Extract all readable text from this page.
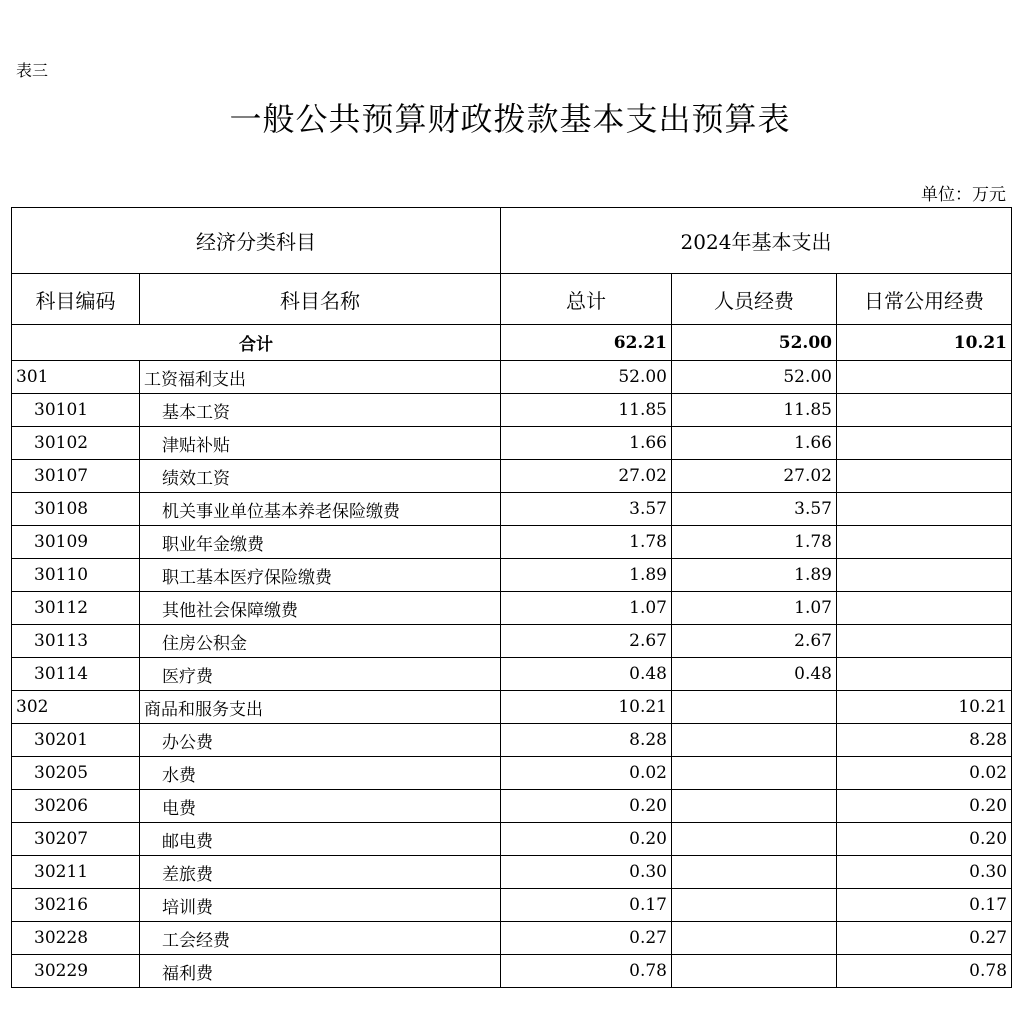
表三
一般公共预算财政拨款基本支出预算表
单位：万元
经济分类科目		2024年基本支出		
科目编码	科目名称	总计	人员经费	日常公用经费
合计		62.21	52.00	10.21
301	工资福利支出	52.00	52.00	
30101	基本工资	11.85	11.85	
30102	津贴补贴	1.66	1.66	
30107	绩效工资	27.02	27.02	
30108	机关事业单位基本养老保险缴费	3.57	3.57	
30109	职业年金缴费	1.78	1.78	
30110	职工基本医疗保险缴费	1.89	1.89	
30112	其他社会保障缴费	1.07	1.07	
30113	住房公积金	2.67	2.67	
30114	医疗费	0.48	0.48	
302	商品和服务支出	10.21		10.21
30201	办公费	8.28		8.28
30205	水费	0.02		0.02
30206	电费	0.20		0.20
30207	邮电费	0.20		0.20
30211	差旅费	0.30		0.30
30216	培训费	0.17		0.17
30228	工会经费	0.27		0.27
30229	福利费	0.78		0.78
